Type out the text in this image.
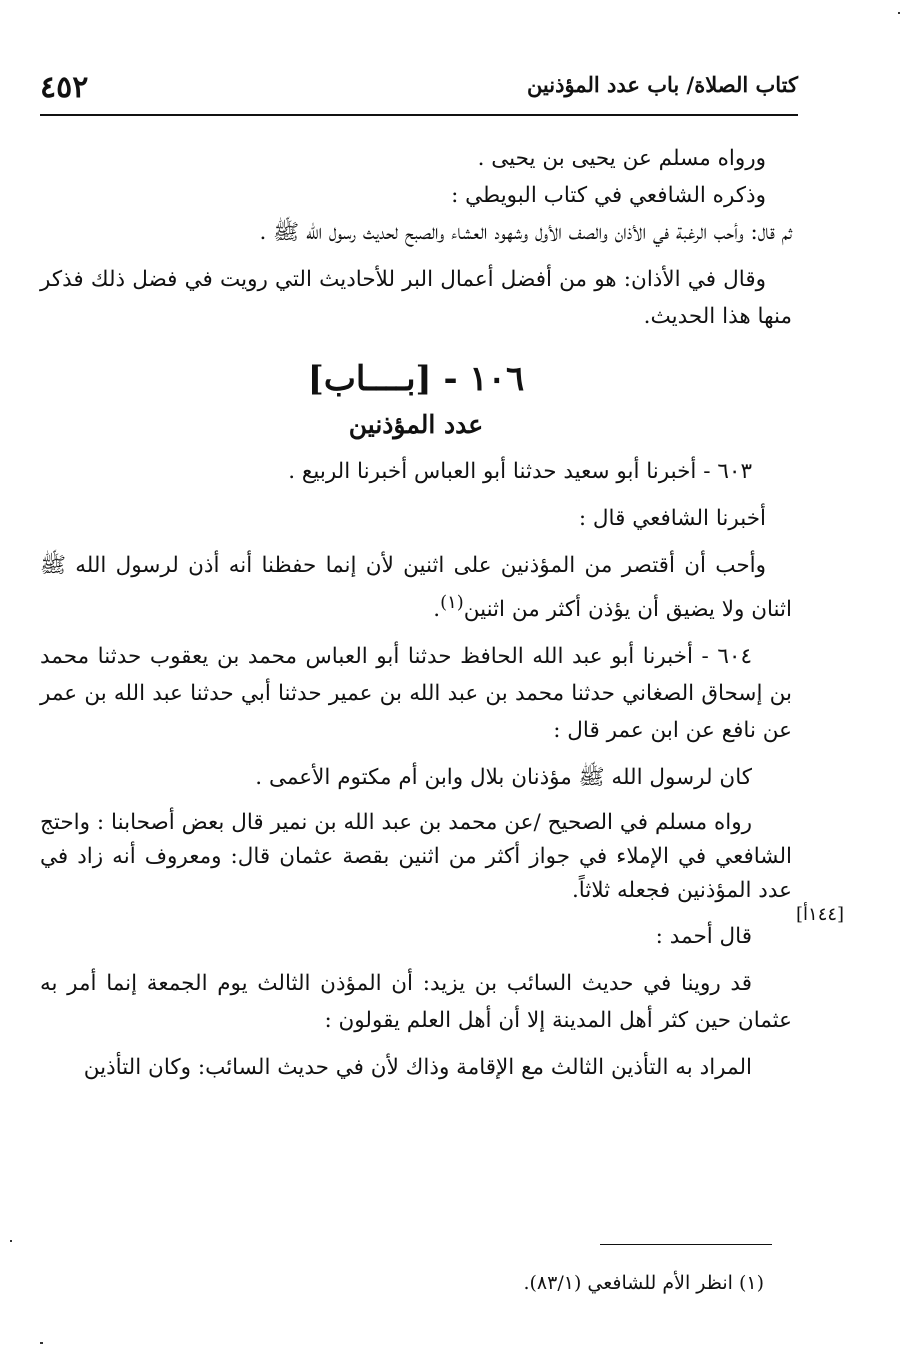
كتاب الصلاة/ باب عدد المؤذنين
٤٥٢

ورواه مسلم عن يحيى بن يحيى .

وذكره الشافعي في كتاب البويطي :

ثم قال: وأحب الرغبة في الأذان والصف الأول وشهود العشاء والصبح لحديث رسول الله ﷺ .

وقال في الأذان: هو من أفضل أعمال البر للأحاديث التي رويت في فضل ذلك فذكر منها هذا الحديث.

١٠٦ - [بــــاب]
عدد المؤذنين

٦٠٣ - أخبرنا أبو سعيد حدثنا أبو العباس أخبرنا الربيع .

أخبرنا الشافعي قال :

وأحب أن أقتصر من المؤذنين على اثنين لأن إنما حفظنا أنه أذن لرسول الله ﷺ اثنان ولا يضيق أن يؤذن أكثر من اثنين$^{(١)}$.

٦٠٤ - أخبرنا أبو عبد الله الحافظ حدثنا أبو العباس محمد بن يعقوب حدثنا محمد بن إسحاق الصغاني حدثنا محمد بن عبد الله بن عمير حدثنا أبي حدثنا عبد الله بن عمر عن نافع عن ابن عمر قال :

كان لرسول الله ﷺ مؤذنان بلال وابن أم مكتوم الأعمى .

رواه مسلم في الصحيح /عن محمد بن عبد الله بن نمير قال بعض أصحابنا : واحتج الشافعي في الإملاء في جواز أكثر من اثنين بقصة عثمان قال: ومعروف أنه زاد في عدد المؤذنين فجعله ثلاثاً.

قال أحمد :

قد روينا في حديث السائب بن يزيد: أن المؤذن الثالث يوم الجمعة إنما أمر به عثمان حين كثر أهل المدينة إلا أن أهل العلم يقولون :

المراد به التأذين الثالث مع الإقامة وذاك لأن في حديث السائب: وكان التأذين

[١٤٤أ]
(١) انظر الأم للشافعي (٨٣/١).
